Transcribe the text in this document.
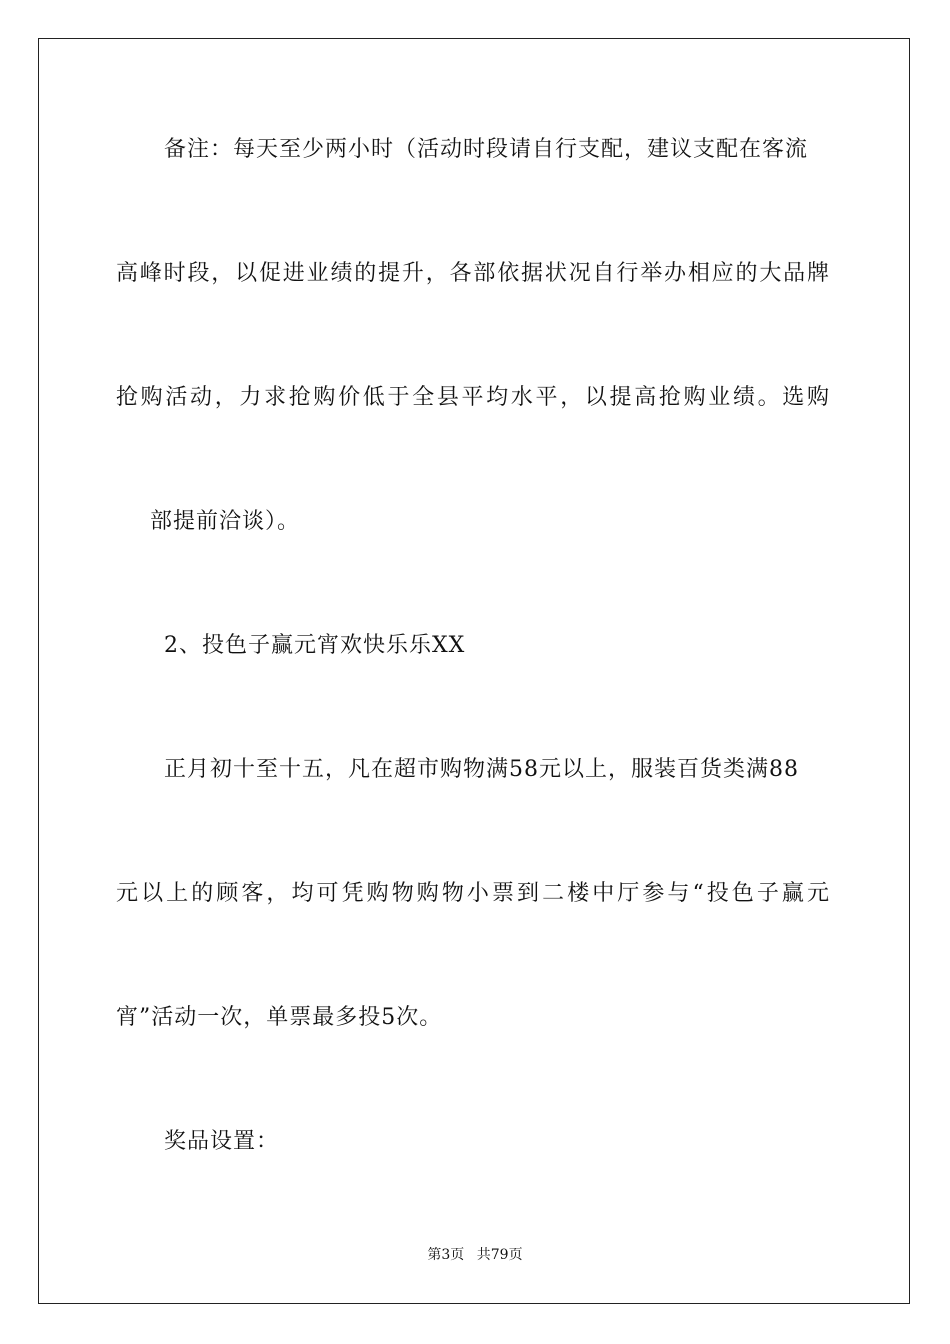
备注：每天至少两小时（活动时段请自行支配，建议支配在客流
高峰时段，以促进业绩的提升，各部依据状况自行举办相应的大品牌
抢购活动，力求抢购价低于全县平均水平，以提高抢购业绩。选购
部提前洽谈）。
2、投色子赢元宵欢快乐乐XX
正月初十至十五，凡在超市购物满58元以上，服装百货类满88
元以上的顾客，均可凭购物购物小票到二楼中厅参与“投色子赢元
宵”活动一次，单票最多投5次。
奖品设置：
第3页 共79页
